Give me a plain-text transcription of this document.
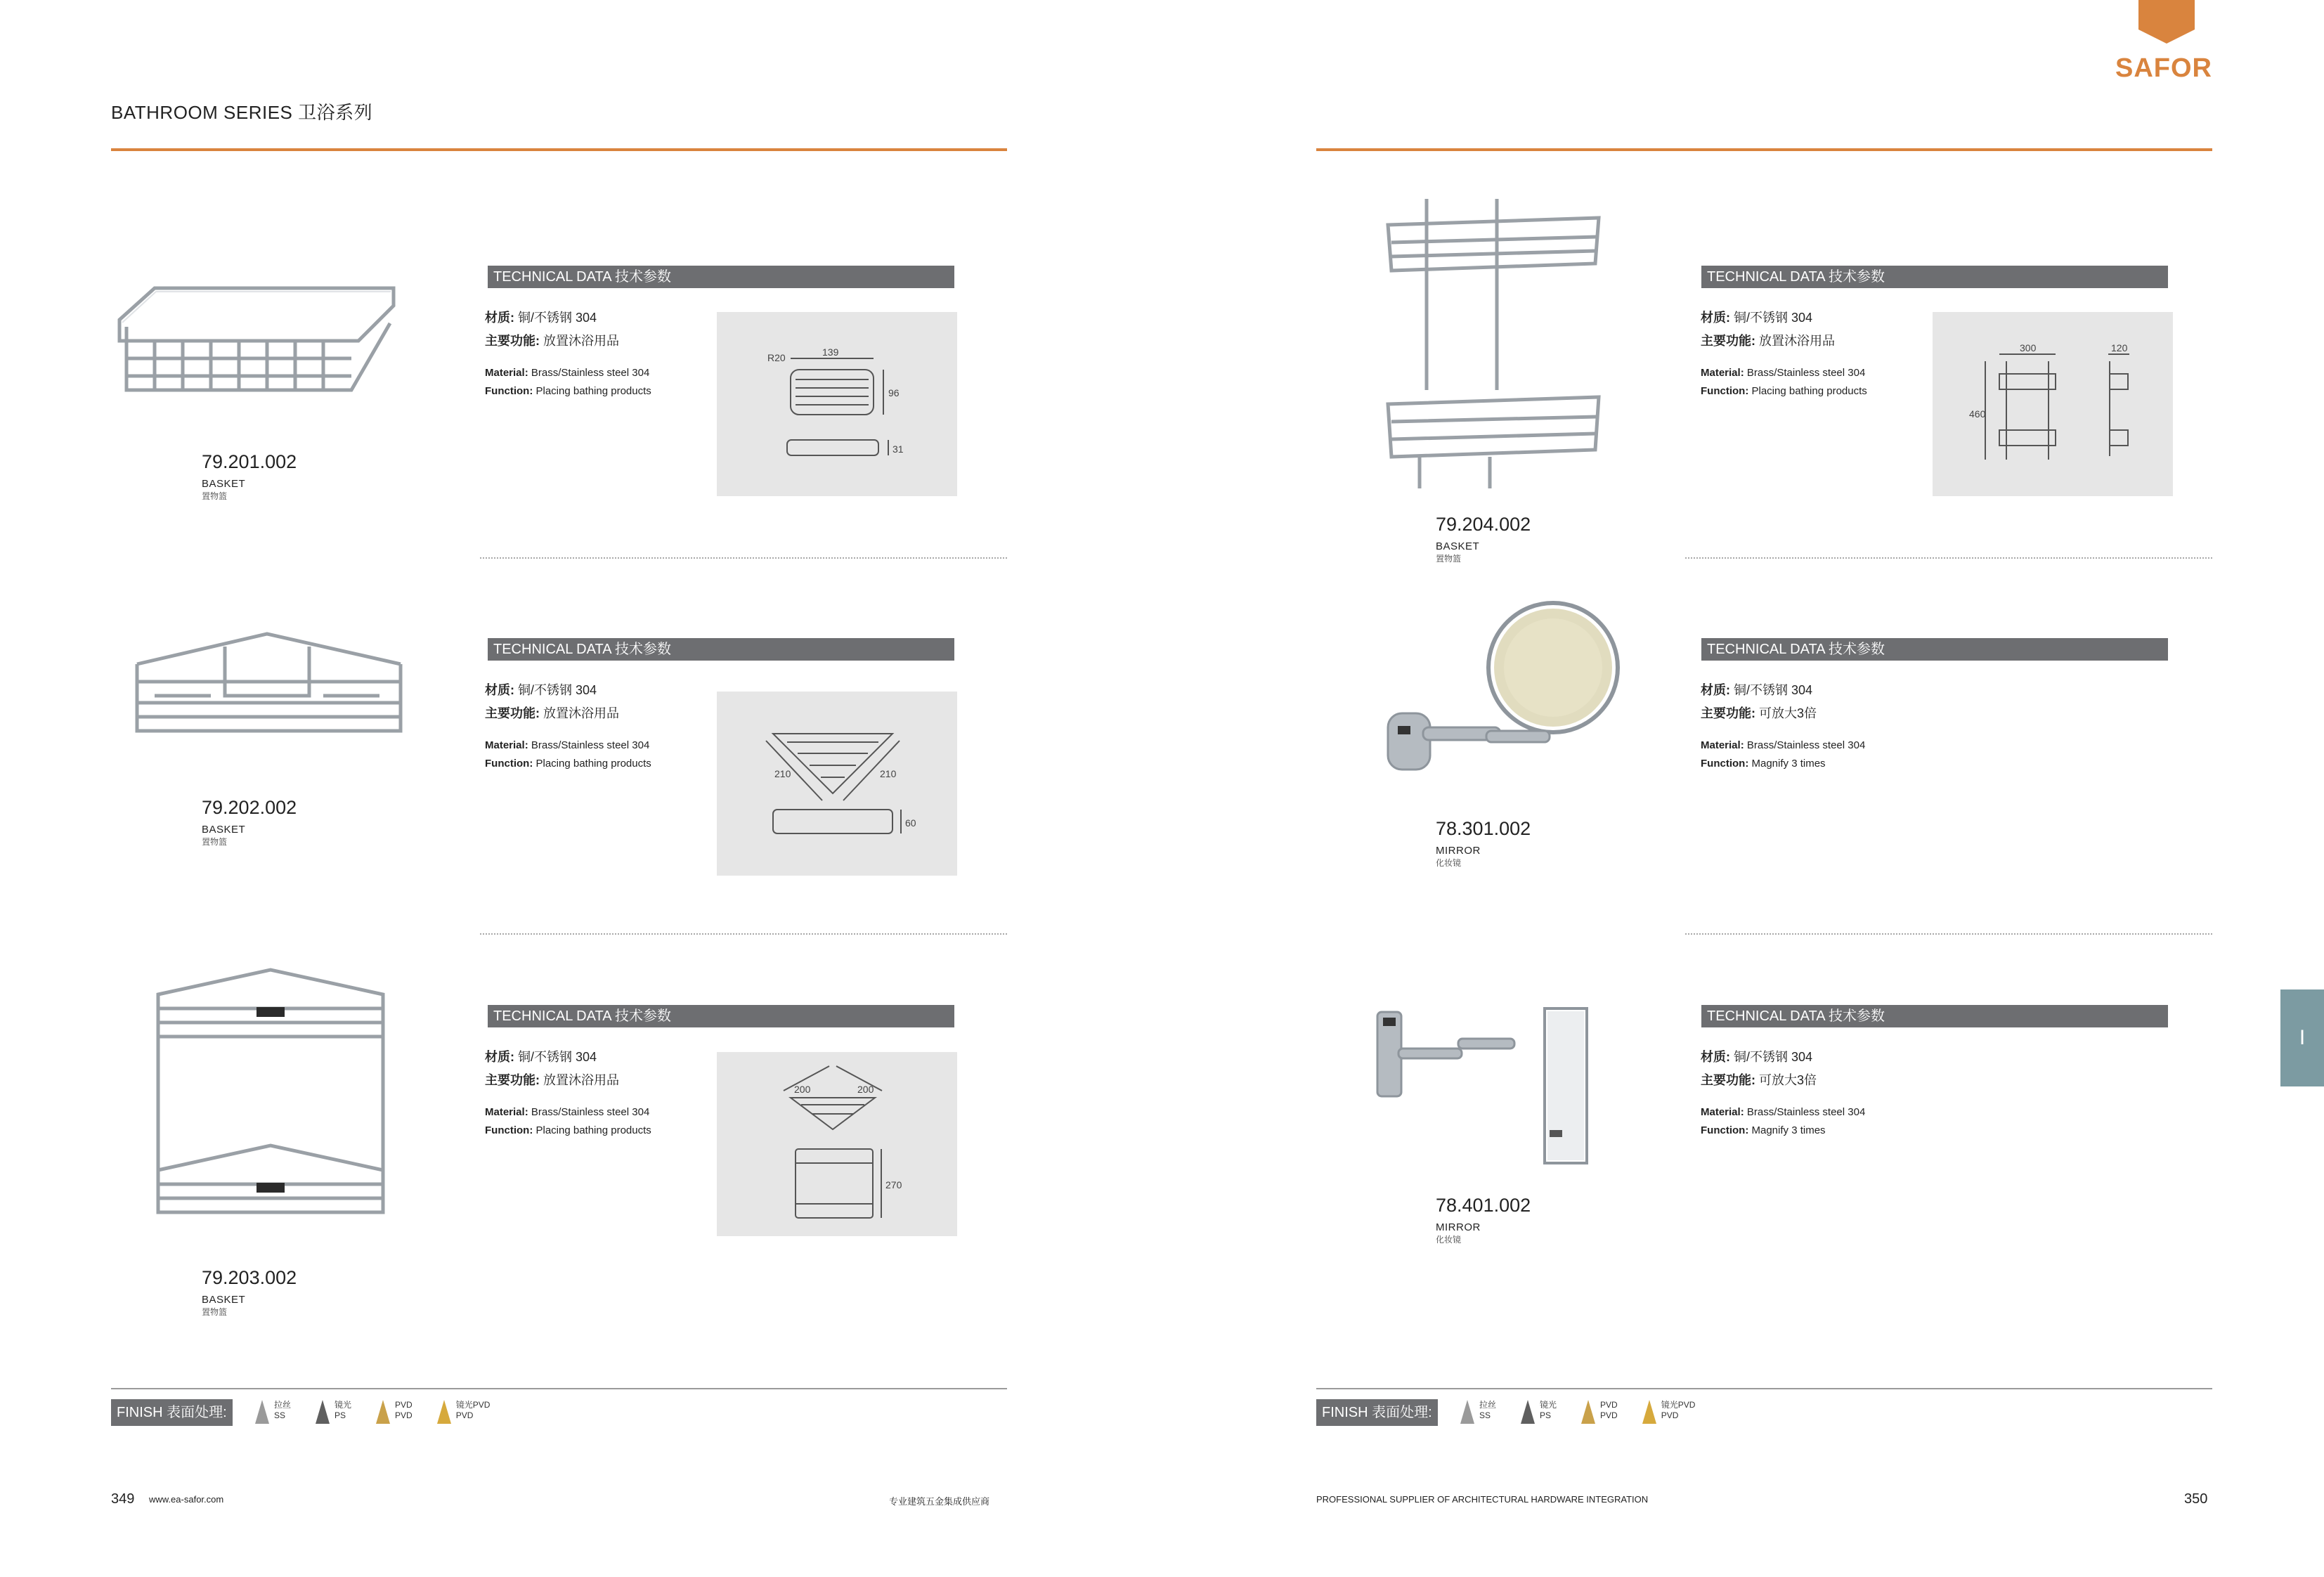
BATHROOM SERIES 卫浴系列
SAFOR
79.201.002
BASKET
置物篮
TECHNICAL DATA 技术参数
材质: 铜/不锈钢 304
主要功能: 放置沐浴用品
Material: Brass/Stainless steel 304
Function: Placing bathing products
R20	139
96
31
79.202.002
BASKET
置物篮
TECHNICAL DATA 技术参数
材质: 铜/不锈钢 304
主要功能: 放置沐浴用品
Material: Brass/Stainless steel 304
Function: Placing bathing products
210	210
60
79.203.002
BASKET
置物篮
TECHNICAL DATA 技术参数
材质: 铜/不锈钢 304
主要功能: 放置沐浴用品
Material: Brass/Stainless steel 304
Function: Placing bathing products
200	200
270
FINISH 表面处理:	拉丝
SS
镜光
PS
PVD
PVD
镜光PVD
PVD
349 www.ea-safor.com	专业建筑五金集成供应商
79.204.002
BASKET
置物篮
TECHNICAL DATA 技术参数
材质: 铜/不锈钢 304
主要功能: 放置沐浴用品
Material: Brass/Stainless steel 304
Function: Placing bathing products
300	120
460
78.301.002
MIRROR
化妆镜
TECHNICAL DATA 技术参数
材质: 铜/不锈钢 304
主要功能: 可放大3倍
Material: Brass/Stainless steel 304
Function: Magnify 3 times
78.401.002
MIRROR
化妆镜
TECHNICAL DATA 技术参数
材质: 铜/不锈钢 304
主要功能: 可放大3倍
Material: Brass/Stainless steel 304
Function: Magnify 3 times
FINISH 表面处理:	拉丝
SS
镜光
PS
PVD
PVD
镜光PVD
PVD
PROFESSIONAL SUPPLIER OF ARCHITECTURAL HARDWARE INTEGRATION	350
I
